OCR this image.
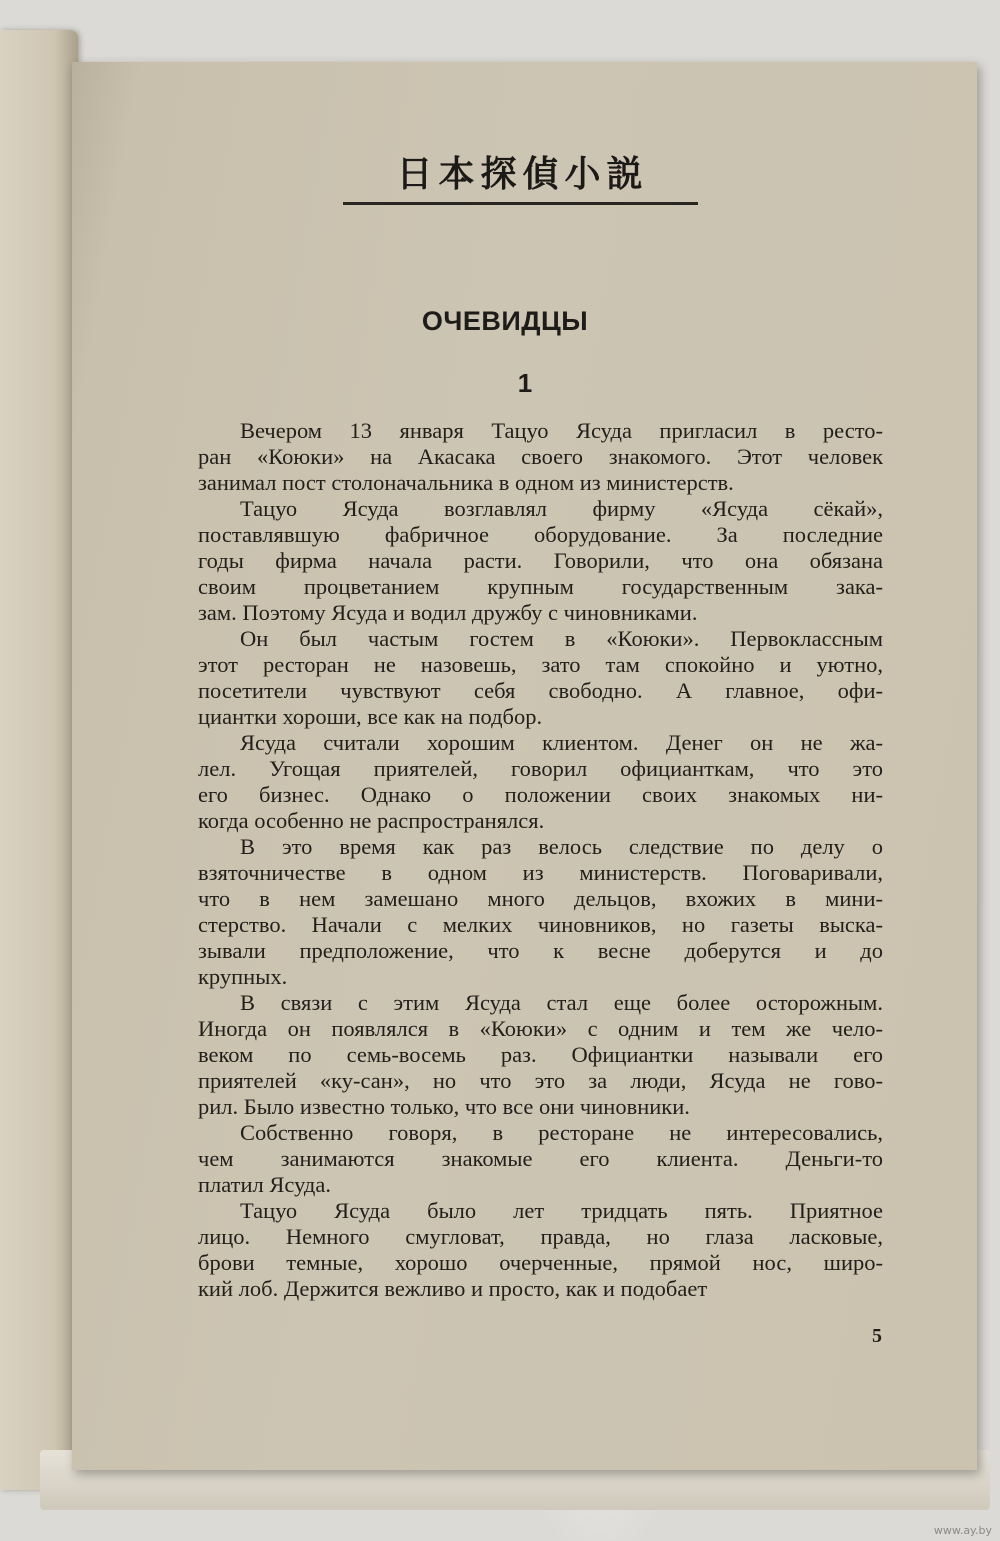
日本探偵小説
ОЧЕВИДЦЫ
1
Вечером 13 января Тацуо Ясуда пригласил в ресто-
ран «Коюки» на Акасака своего знакомого. Этот человек
занимал пост столоначальника в одном из министерств.
Тацуо Ясуда возглавлял фирму «Ясуда сёкай»,
поставлявшую фабричное оборудование. За последние
годы фирма начала расти. Говорили, что она обязана
своим процветанием крупным государственным зака-
зам. Поэтому Ясуда и водил дружбу с чиновниками.
Он был частым гостем в «Коюки». Первоклассным
этот ресторан не назовешь, зато там спокойно и уютно,
посетители чувствуют себя свободно. А главное, офи-
циантки хороши, все как на подбор.
Ясуда считали хорошим клиентом. Денег он не жа-
лел. Угощая приятелей, говорил официанткам, что это
его бизнес. Однако о положении своих знакомых ни-
когда особенно не распространялся.
В это время как раз велось следствие по делу о
взяточничестве в одном из министерств. Поговаривали,
что в нем замешано много дельцов, вхожих в мини-
стерство. Начали с мелких чиновников, но газеты выска-
зывали предположение, что к весне доберутся и до
крупных.
В связи с этим Ясуда стал еще более осторожным.
Иногда он появлялся в «Коюки» с одним и тем же чело-
веком по семь-восемь раз. Официантки называли его
приятелей «ку-сан», но что это за люди, Ясуда не гово-
рил. Было известно только, что все они чиновники.
Собственно говоря, в ресторане не интересовались,
чем занимаются знакомые его клиента. Деньги-то
платил Ясуда.
Тацуо Ясуда было лет тридцать пять. Приятное
лицо. Немного смугловат, правда, но глаза ласковые,
брови темные, хорошо очерченные, прямой нос, широ-
кий лоб. Держится вежливо и просто, как и подобает

5

www.ay.by
